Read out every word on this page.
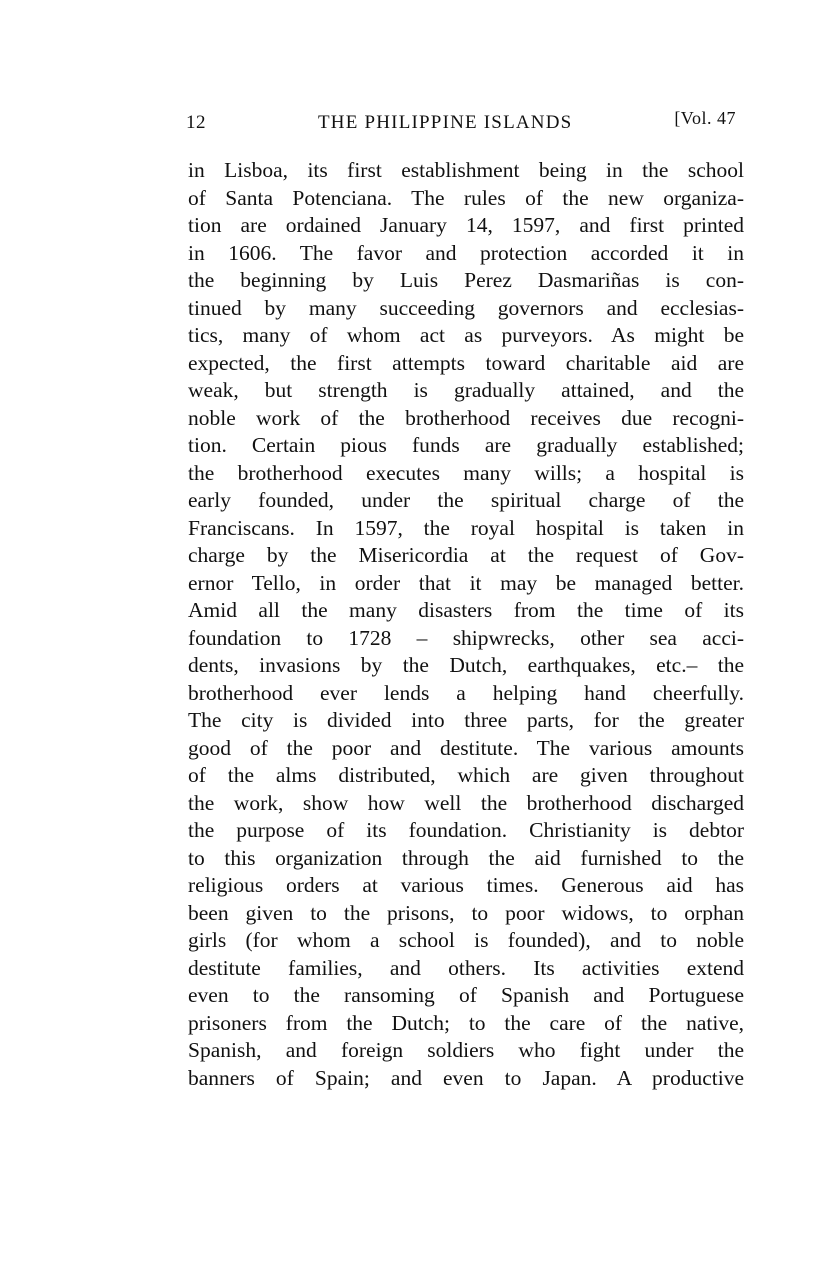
12	THE PHILIPPINE ISLANDS	[Vol. 47
in Lisboa, its first establishment being in the school
of Santa Potenciana. The rules of the new organiza-
tion are ordained January 14, 1597, and first printed
in 1606. The favor and protection accorded it in
the beginning by Luis Perez Dasmariñas is con-
tinued by many succeeding governors and ecclesias-
tics, many of whom act as purveyors. As might be
expected, the first attempts toward charitable aid are
weak, but strength is gradually attained, and the
noble work of the brotherhood receives due recogni-
tion. Certain pious funds are gradually established;
the brotherhood executes many wills; a hospital is
early founded, under the spiritual charge of the
Franciscans. In 1597, the royal hospital is taken in
charge by the Misericordia at the request of Gov-
ernor Tello, in order that it may be managed better.
Amid all the many disasters from the time of its
foundation to 1728 – shipwrecks, other sea acci-
dents, invasions by the Dutch, earthquakes, etc.– the
brotherhood ever lends a helping hand cheerfully.
The city is divided into three parts, for the greater
good of the poor and destitute. The various amounts
of the alms distributed, which are given throughout
the work, show how well the brotherhood discharged
the purpose of its foundation. Christianity is debtor
to this organization through the aid furnished to the
religious orders at various times. Generous aid has
been given to the prisons, to poor widows, to orphan
girls (for whom a school is founded), and to noble
destitute families, and others. Its activities extend
even to the ransoming of Spanish and Portuguese
prisoners from the Dutch; to the care of the native,
Spanish, and foreign soldiers who fight under the
banners of Spain; and even to Japan. A productive
